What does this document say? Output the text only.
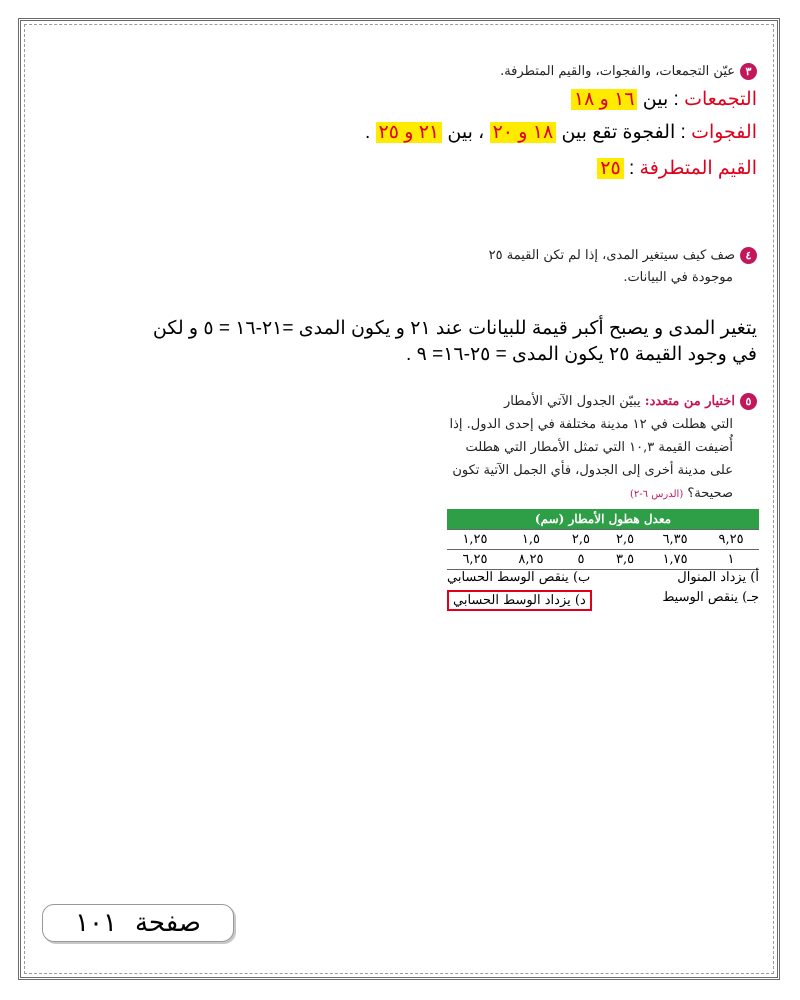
٣عيّن التجمعات، والفجوات، والقيم المتطرفة.
التجمعات : بين ١٦ و ١٨
الفجوات : الفجوة تقع بين ١٨ و ٢٠ ، بين ٢١ و ٢٥ .
القيم المتطرفة : ٢٥
٤صف كيف سيتغير المدى، إذا لم تكن القيمة ٢٥
موجودة في البيانات.
يتغير المدى و يصبح أكبر قيمة للبيانات عند ٢١ و يكون المدى =٢١-١٦ = ٥ و لكن
في وجود القيمة ٢٥ يكون المدى = ٢٥-١٦= ٩ .
٥اختيار من متعدد: يبيّن الجدول الآتي الأمطار
التي هطلت في ١٢ مدينة مختلفة في إحدى الدول. إذا
أُضيفت القيمة ١٠,٣ التي تمثل الأمطار التي هطلت
على مدينة أخرى إلى الجدول، فأي الجمل الآتية تكون
صحيحة؟ (الدرس ٦-٢)
معدل هطول الأمطار (سم)					
٩,٢٥	٦,٣٥	٢,٥	٢,٥	١,٥	١,٢٥
١	١,٧٥	٣,٥	٥	٨,٢٥	٦,٢٥
أ) يزداد المنوال
ب) ينقص الوسط الحسابي
جـ) ينقص الوسيط
د) يزداد الوسط الحسابي
صفحة
١٠١
